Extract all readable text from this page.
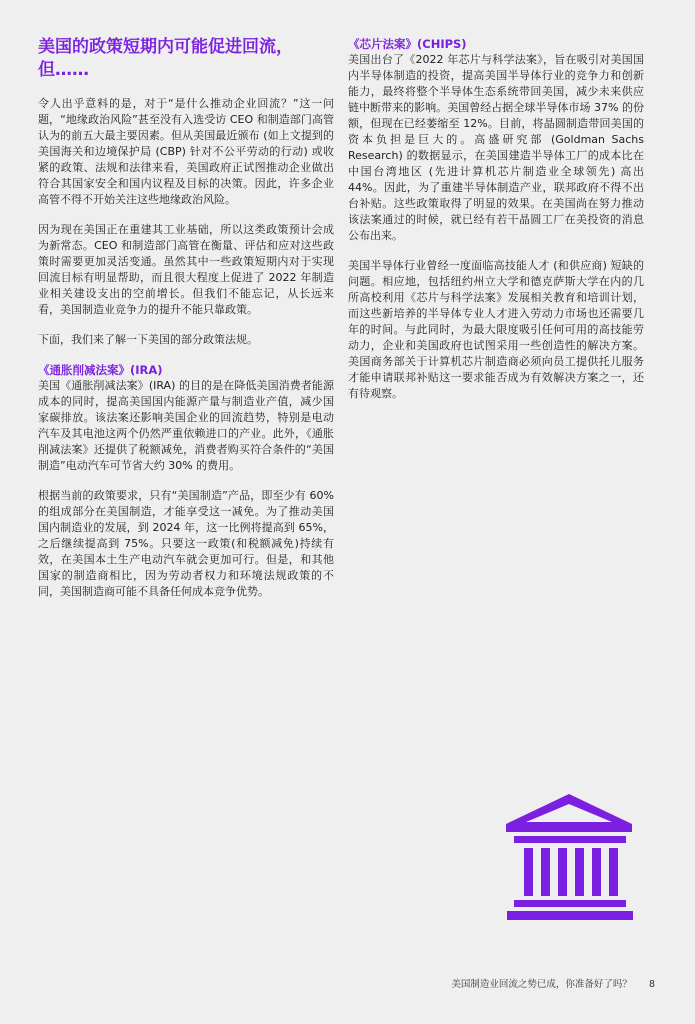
美国的政策短期内可能促进回流，但……

令人出乎意料的是，对于“是什么推动企业回流？”这一问题，“地缘政治风险”甚至没有入选受访 CEO 和制造部门高管认为的前五大最主要因素。但从美国最近颁布 (如上文提到的美国海关和边境保护局 (CBP) 针对不公平劳动的行动) 或收紧的政策、法规和法律来看，美国政府正试图推动企业做出符合其国家安全和国内议程及目标的决策。因此，许多企业高管不得不开始关注这些地缘政治风险。

因为现在美国正在重建其工业基础，所以这类政策预计会成为新常态。CEO 和制造部门高管在衡量、评估和应对这些政策时需要更加灵活变通。虽然其中一些政策短期内对于实现回流目标有明显帮助，而且很大程度上促进了 2022 年制造业相关建设支出的空前增长。但我们不能忘记，从长远来看，美国制造业竞争力的提升不能只靠政策。

下面，我们来了解一下美国的部分政策法规。

《通胀削减法案》(IRA)

美国《通胀削减法案》(IRA) 的目的是在降低美国消费者能源成本的同时，提高美国国内能源产量与制造业产值，减少国家碳排放。该法案还影响美国企业的回流趋势，特别是电动汽车及其电池这两个仍然严重依赖进口的产业。此外，《通胀削减法案》还提供了税额减免，消费者购买符合条件的“美国制造”电动汽车可节省大约 30% 的费用。

根据当前的政策要求，只有“美国制造”产品，即至少有 60% 的组成部分在美国制造，才能享受这一减免。为了推动美国国内制造业的发展，到 2024 年，这一比例将提高到 65%，之后继续提高到 75%。只要这一政策(和税额减免)持续有效，在美国本土生产电动汽车就会更加可行。但是，和其他国家的制造商相比，因为劳动者权力和环境法规政策的不同，美国制造商可能不具备任何成本竞争优势。

《芯片法案》(CHIPS)

美国出台了《2022 年芯片与科学法案》，旨在吸引对美国国内半导体制造的投资，提高美国半导体行业的竞争力和创新能力，最终将整个半导体生态系统带回美国，减少未来供应链中断带来的影响。美国曾经占据全球半导体市场 37% 的份额，但现在已经萎缩至 12%。目前，将晶圆制造带回美国的资本负担是巨大的。高盛研究部 (Goldman Sachs Research) 的数据显示，在美国建造半导体工厂的成本比在中国台湾地区 (先进计算机芯片制造业全球领先) 高出 44%。因此，为了重建半导体制造产业，联邦政府不得不出台补贴。这些政策取得了明显的效果。在美国尚在努力推动该法案通过的时候，就已经有若干晶圆工厂在美投资的消息公布出来。

美国半导体行业曾经一度面临高技能人才 (和供应商) 短缺的问题。相应地，包括纽约州立大学和德克萨斯大学在内的几所高校利用《芯片与科学法案》发展相关教育和培训计划，而这些新培养的半导体专业人才进入劳动力市场也还需要几年的时间。与此同时，为最大限度吸引任何可用的高技能劳动力，企业和美国政府也试图采用一些创造性的解决方案。美国商务部关于计算机芯片制造商必须向员工提供托儿服务才能申请联邦补贴这一要求能否成为有效解决方案之一，还有待观察。

美国制造业回流之势已成，你准备好了吗？ 8
